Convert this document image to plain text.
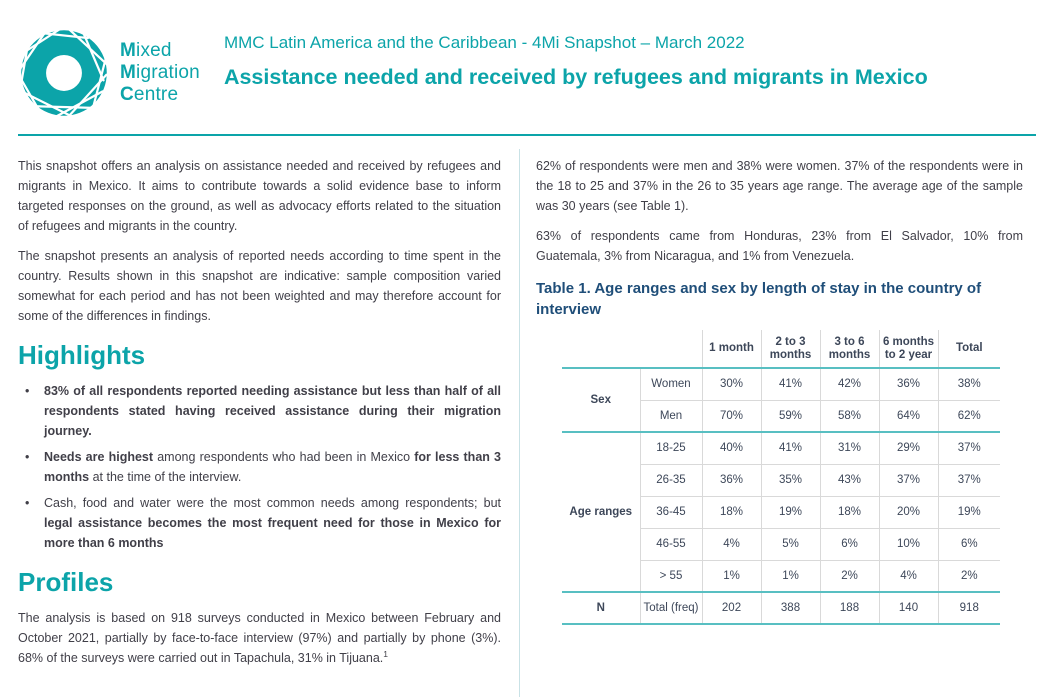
Mixed
Migration
Centre
MMC Latin America and the Caribbean - 4Mi Snapshot – March 2022
Assistance needed and received by refugees and migrants in Mexico

This snapshot offers an analysis on assistance needed and received by refugees and migrants in Mexico. It aims to contribute towards a solid evidence base to inform targeted responses on the ground, as well as advocacy efforts related to the situation of refugees and migrants in the country.

The snapshot presents an analysis of reported needs according to time spent in the country. Results shown in this snapshot are indicative: sample composition varied somewhat for each period and has not been weighted and may therefore account for some of the differences in findings.

Highlights
• 83% of all respondents reported needing assistance but less than half of all respondents stated having received assistance during their migration journey.
• Needs are highest among respondents who had been in Mexico for less than 3 months at the time of the interview.
• Cash, food and water were the most common needs among respondents; but legal assistance becomes the most frequent need for those in Mexico for more than 6 months
Profiles

The analysis is based on 918 surveys conducted in Mexico between February and October 2021, partially by face-to-face interview (97%) and partially by phone (3%). 68% of the surveys were carried out in Tapachula, 31% in Tijuana.$^1$

62% of respondents were men and 38% were women. 37% of the respondents were in the 18 to 25 and 37% in the 26 to 35 years age range. The average age of the sample was 30 years (see Table 1).

63% of respondents came from Honduras, 23% from El Salvador, 10% from Guatemala, 3% from Nicaragua, and 1% from Venezuela.

Table 1. Age ranges and sex by length of stay in the country of interview
		1 month	2 to 3 months	3 to 6 months	6 months to 2 year	Total
Sex	Women	30%	41%	42%	36%	38%
	Men	70%	59%	58%	64%	62%
Age ranges	18-25	40%	41%	31%	29%	37%
	26-35	36%	35%	43%	37%	37%
	36-45	18%	19%	18%	20%	19%
	46-55	4%	5%	6%	10%	6%
	> 55	1%	1%	2%	4%	2%
N	Total (freq)	202	388	188	140	918
